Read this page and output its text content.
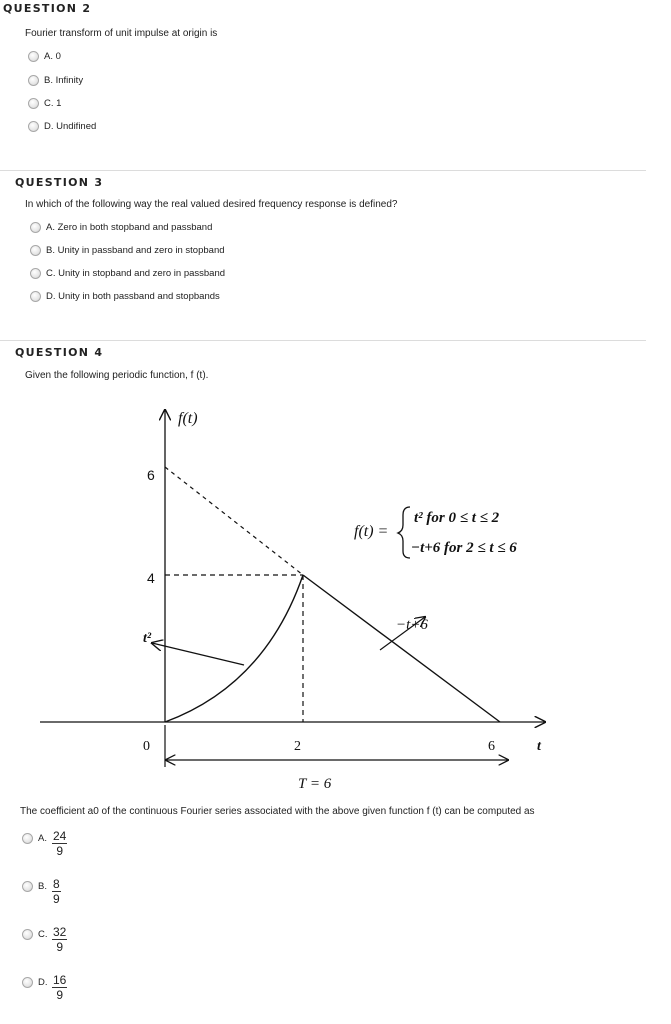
QUESTION 2
Fourier transform of unit impulse at origin is
A. 0
B. Infinity
C. 1
D. Undifined
QUESTION 3
In which of the following way the real valued desired frequency response is defined?
A. Zero in both stopband and passband
B. Unity in passband and zero in stopband
C. Unity in stopband and zero in passband
D. Unity in both passband and stopbands
QUESTION 4
Given the following periodic function, f (t).
f(t)
6
4
0	2	6	t
t²
−t+6
T = 6
f(t) =
t² for 0 ≤ t ≤ 2
−t+6 for 2 ≤ t ≤ 6
The coefficient a0 of the continuous Fourier series associated with the above given function f (t) can be computed as
A. $\frac{24}{9}$
B. $\frac{8}{9}$
C. $\frac{32}{9}$
D. $\frac{16}{9}$
